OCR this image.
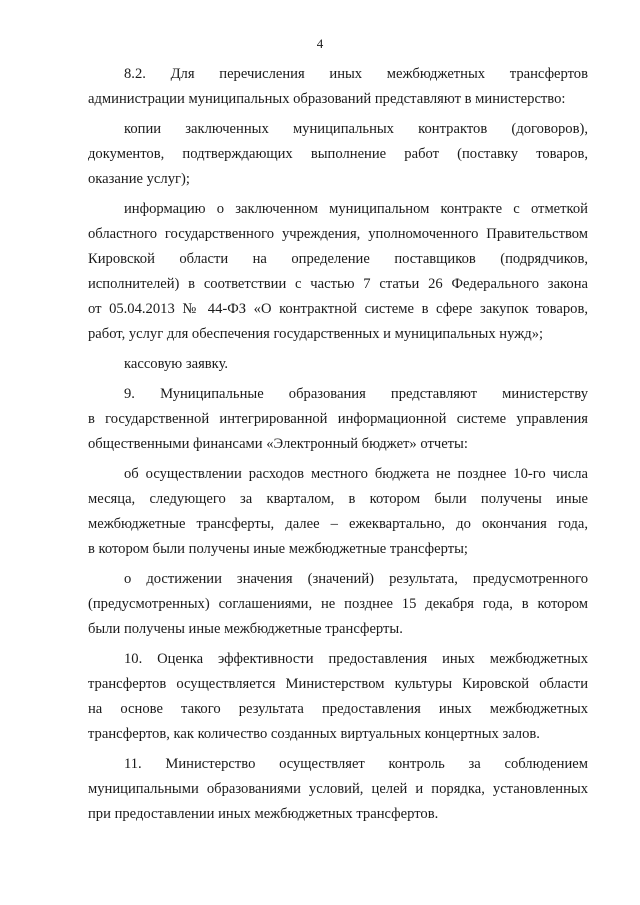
4

8.2. Для перечисления иных межбюджетных трансфертов

администрации муниципальных образований представляют в министерство:

копии заключенных муниципальных контрактов (договоров),

документов, подтверждающих выполнение работ (поставку товаров,

оказание услуг);

информацию о заключенном муниципальном контракте с отметкой

областного государственного учреждения, уполномоченного Правительством

Кировской области на определение поставщиков (подрядчиков,

исполнителей) в соответствии с частью 7 статьи 26 Федерального закона

от 05.04.2013 № 44-ФЗ «О контрактной системе в сфере закупок товаров,

работ, услуг для обеспечения государственных и муниципальных нужд»;

кассовую заявку.

9. Муниципальные образования представляют министерству

в государственной интегрированной информационной системе управления

общественными финансами «Электронный бюджет» отчеты:

об осуществлении расходов местного бюджета не позднее 10-го числа

месяца, следующего за кварталом, в котором были получены иные

межбюджетные трансферты, далее – ежеквартально, до окончания года,

в котором были получены иные межбюджетные трансферты;

о достижении значения (значений) результата, предусмотренного

(предусмотренных) соглашениями, не позднее 15 декабря года, в котором

были получены иные межбюджетные трансферты.

10. Оценка эффективности предоставления иных межбюджетных

трансфертов осуществляется Министерством культуры Кировской области

на основе такого результата предоставления иных межбюджетных

трансфертов, как количество созданных виртуальных концертных залов.

11. Министерство осуществляет контроль за соблюдением

муниципальными образованиями условий, целей и порядка, установленных

при предоставлении иных межбюджетных трансфертов.
